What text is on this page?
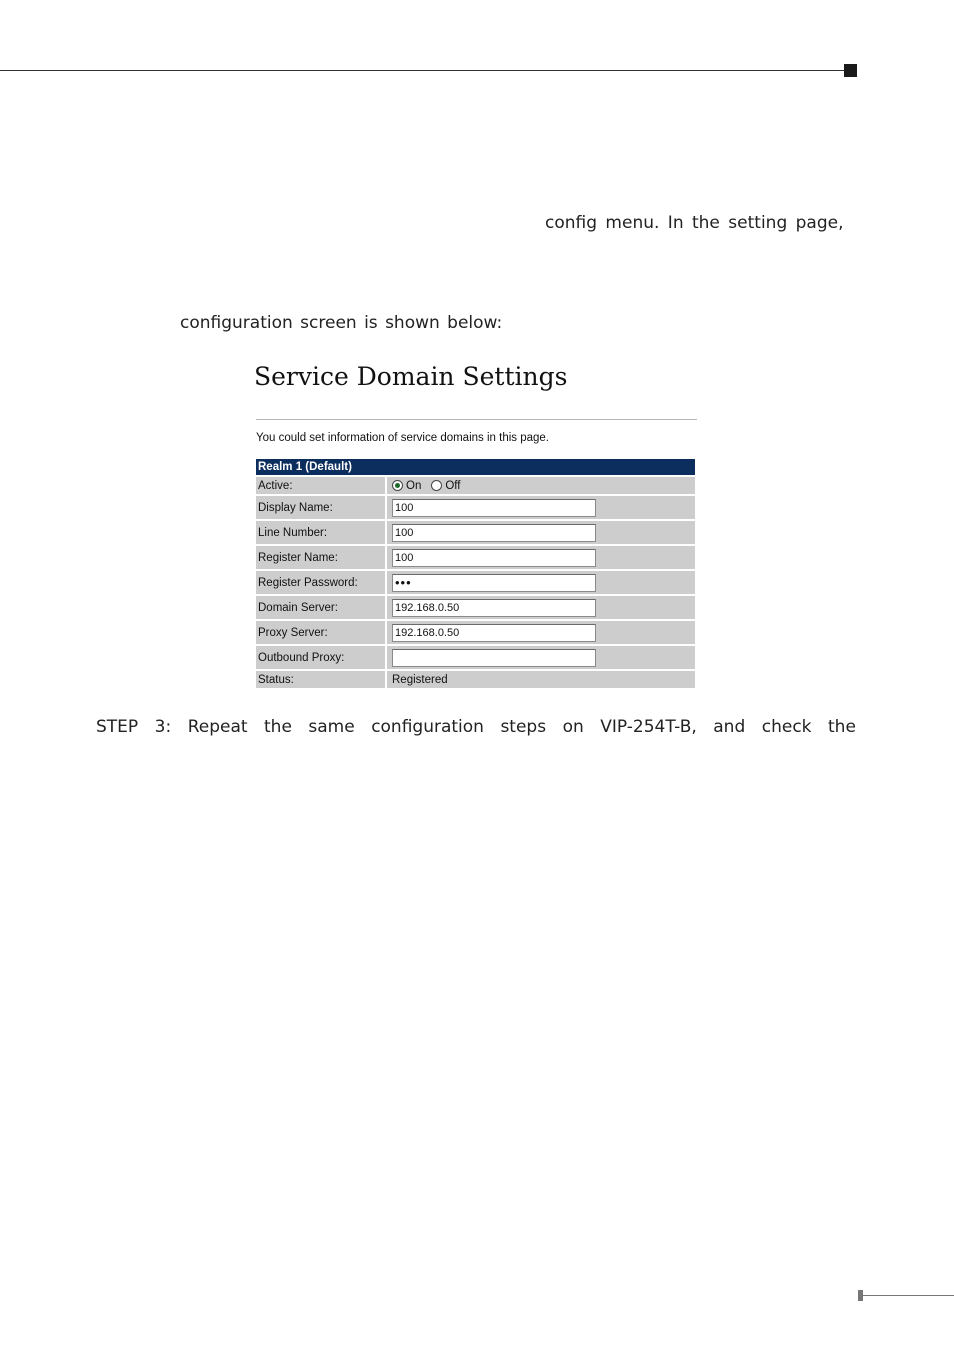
config menu. In the setting page,
configuration screen is shown below:
Service Domain Settings
You could set information of service domains in this page.
Realm 1 (Default)
Active:	On Off
Display Name:	100
Line Number:	100
Register Name:	100
Register Password:	•••
Domain Server:	192.168.0.50
Proxy Server:	192.168.0.50
Outbound Proxy:
Status:	Registered
STEP 3: Repeat the same configuration steps on VIP-254T-B, and check the
